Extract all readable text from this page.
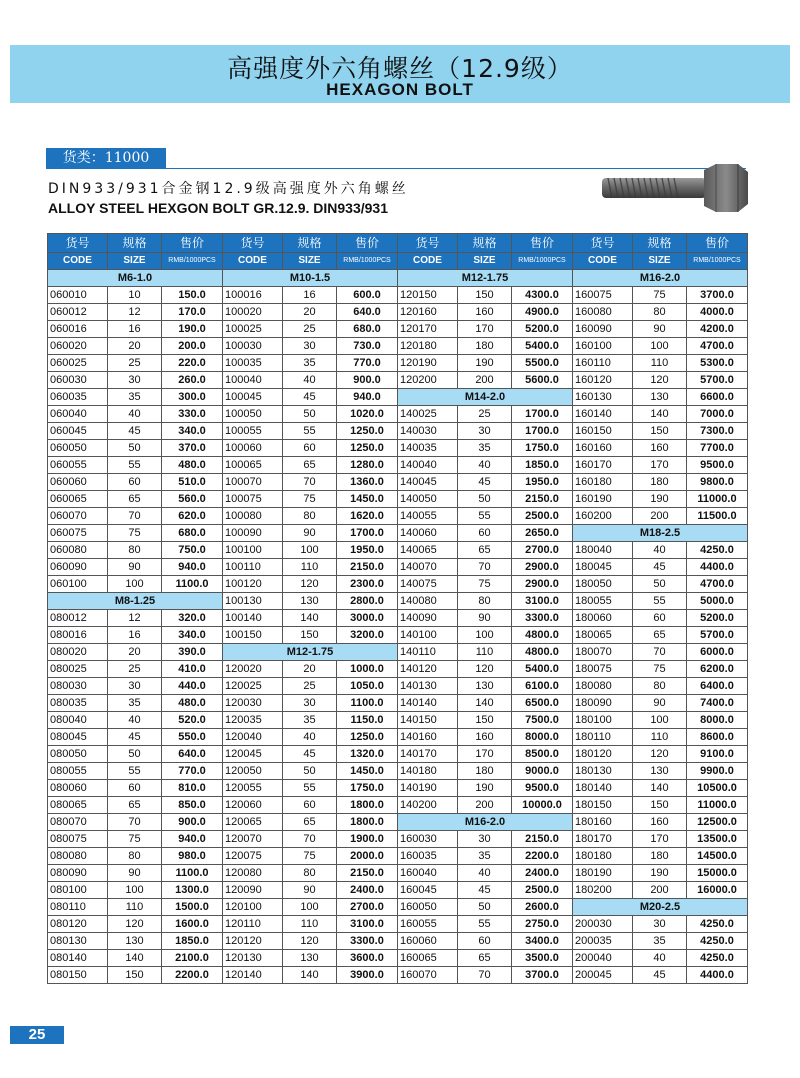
高强度外六角螺丝（12.9级）
HEXAGON BOLT
货类：11000
DIN933/931合金钢12.9级高强度外六角螺丝
ALLOY STEEL HEXGON BOLT GR.12.9. DIN933/931
货号	规格	售价	货号	规格	售价	货号	规格	售价	货号	规格	售价
CODE	SIZE	RMB/1000PCS	CODE	SIZE	RMB/1000PCS	CODE	SIZE	RMB/1000PCS	CODE	SIZE	RMB/1000PCS
M6-1.0			M10-1.5			M12-1.75			M16-2.0		
060010	10	150.0	100016	16	600.0	120150	150	4300.0	160075	75	3700.0
060012	12	170.0	100020	20	640.0	120160	160	4900.0	160080	80	4000.0
060016	16	190.0	100025	25	680.0	120170	170	5200.0	160090	90	4200.0
060020	20	200.0	100030	30	730.0	120180	180	5400.0	160100	100	4700.0
060025	25	220.0	100035	35	770.0	120190	190	5500.0	160110	110	5300.0
060030	30	260.0	100040	40	900.0	120200	200	5600.0	160120	120	5700.0
060035	35	300.0	100045	45	940.0	M14-2.0			160130	130	6600.0
060040	40	330.0	100050	50	1020.0	140025	25	1700.0	160140	140	7000.0
060045	45	340.0	100055	55	1250.0	140030	30	1700.0	160150	150	7300.0
060050	50	370.0	100060	60	1250.0	140035	35	1750.0	160160	160	7700.0
060055	55	480.0	100065	65	1280.0	140040	40	1850.0	160170	170	9500.0
060060	60	510.0	100070	70	1360.0	140045	45	1950.0	160180	180	9800.0
060065	65	560.0	100075	75	1450.0	140050	50	2150.0	160190	190	11000.0
060070	70	620.0	100080	80	1620.0	140055	55	2500.0	160200	200	11500.0
060075	75	680.0	100090	90	1700.0	140060	60	2650.0	M18-2.5		
060080	80	750.0	100100	100	1950.0	140065	65	2700.0	180040	40	4250.0
060090	90	940.0	100110	110	2150.0	140070	70	2900.0	180045	45	4400.0
060100	100	1100.0	100120	120	2300.0	140075	75	2900.0	180050	50	4700.0
M8-1.25			100130	130	2800.0	140080	80	3100.0	180055	55	5000.0
080012	12	320.0	100140	140	3000.0	140090	90	3300.0	180060	60	5200.0
080016	16	340.0	100150	150	3200.0	140100	100	4800.0	180065	65	5700.0
080020	20	390.0	M12-1.75			140110	110	4800.0	180070	70	6000.0
080025	25	410.0	120020	20	1000.0	140120	120	5400.0	180075	75	6200.0
080030	30	440.0	120025	25	1050.0	140130	130	6100.0	180080	80	6400.0
080035	35	480.0	120030	30	1100.0	140140	140	6500.0	180090	90	7400.0
080040	40	520.0	120035	35	1150.0	140150	150	7500.0	180100	100	8000.0
080045	45	550.0	120040	40	1250.0	140160	160	8000.0	180110	110	8600.0
080050	50	640.0	120045	45	1320.0	140170	170	8500.0	180120	120	9100.0
080055	55	770.0	120050	50	1450.0	140180	180	9000.0	180130	130	9900.0
080060	60	810.0	120055	55	1750.0	140190	190	9500.0	180140	140	10500.0
080065	65	850.0	120060	60	1800.0	140200	200	10000.0	180150	150	11000.0
080070	70	900.0	120065	65	1800.0	M16-2.0			180160	160	12500.0
080075	75	940.0	120070	70	1900.0	160030	30	2150.0	180170	170	13500.0
080080	80	980.0	120075	75	2000.0	160035	35	2200.0	180180	180	14500.0
080090	90	1100.0	120080	80	2150.0	160040	40	2400.0	180190	190	15000.0
080100	100	1300.0	120090	90	2400.0	160045	45	2500.0	180200	200	16000.0
080110	110	1500.0	120100	100	2700.0	160050	50	2600.0	M20-2.5		
080120	120	1600.0	120110	110	3100.0	160055	55	2750.0	200030	30	4250.0
080130	130	1850.0	120120	120	3300.0	160060	60	3400.0	200035	35	4250.0
080140	140	2100.0	120130	130	3600.0	160065	65	3500.0	200040	40	4250.0
080150	150	2200.0	120140	140	3900.0	160070	70	3700.0	200045	45	4400.0
25
